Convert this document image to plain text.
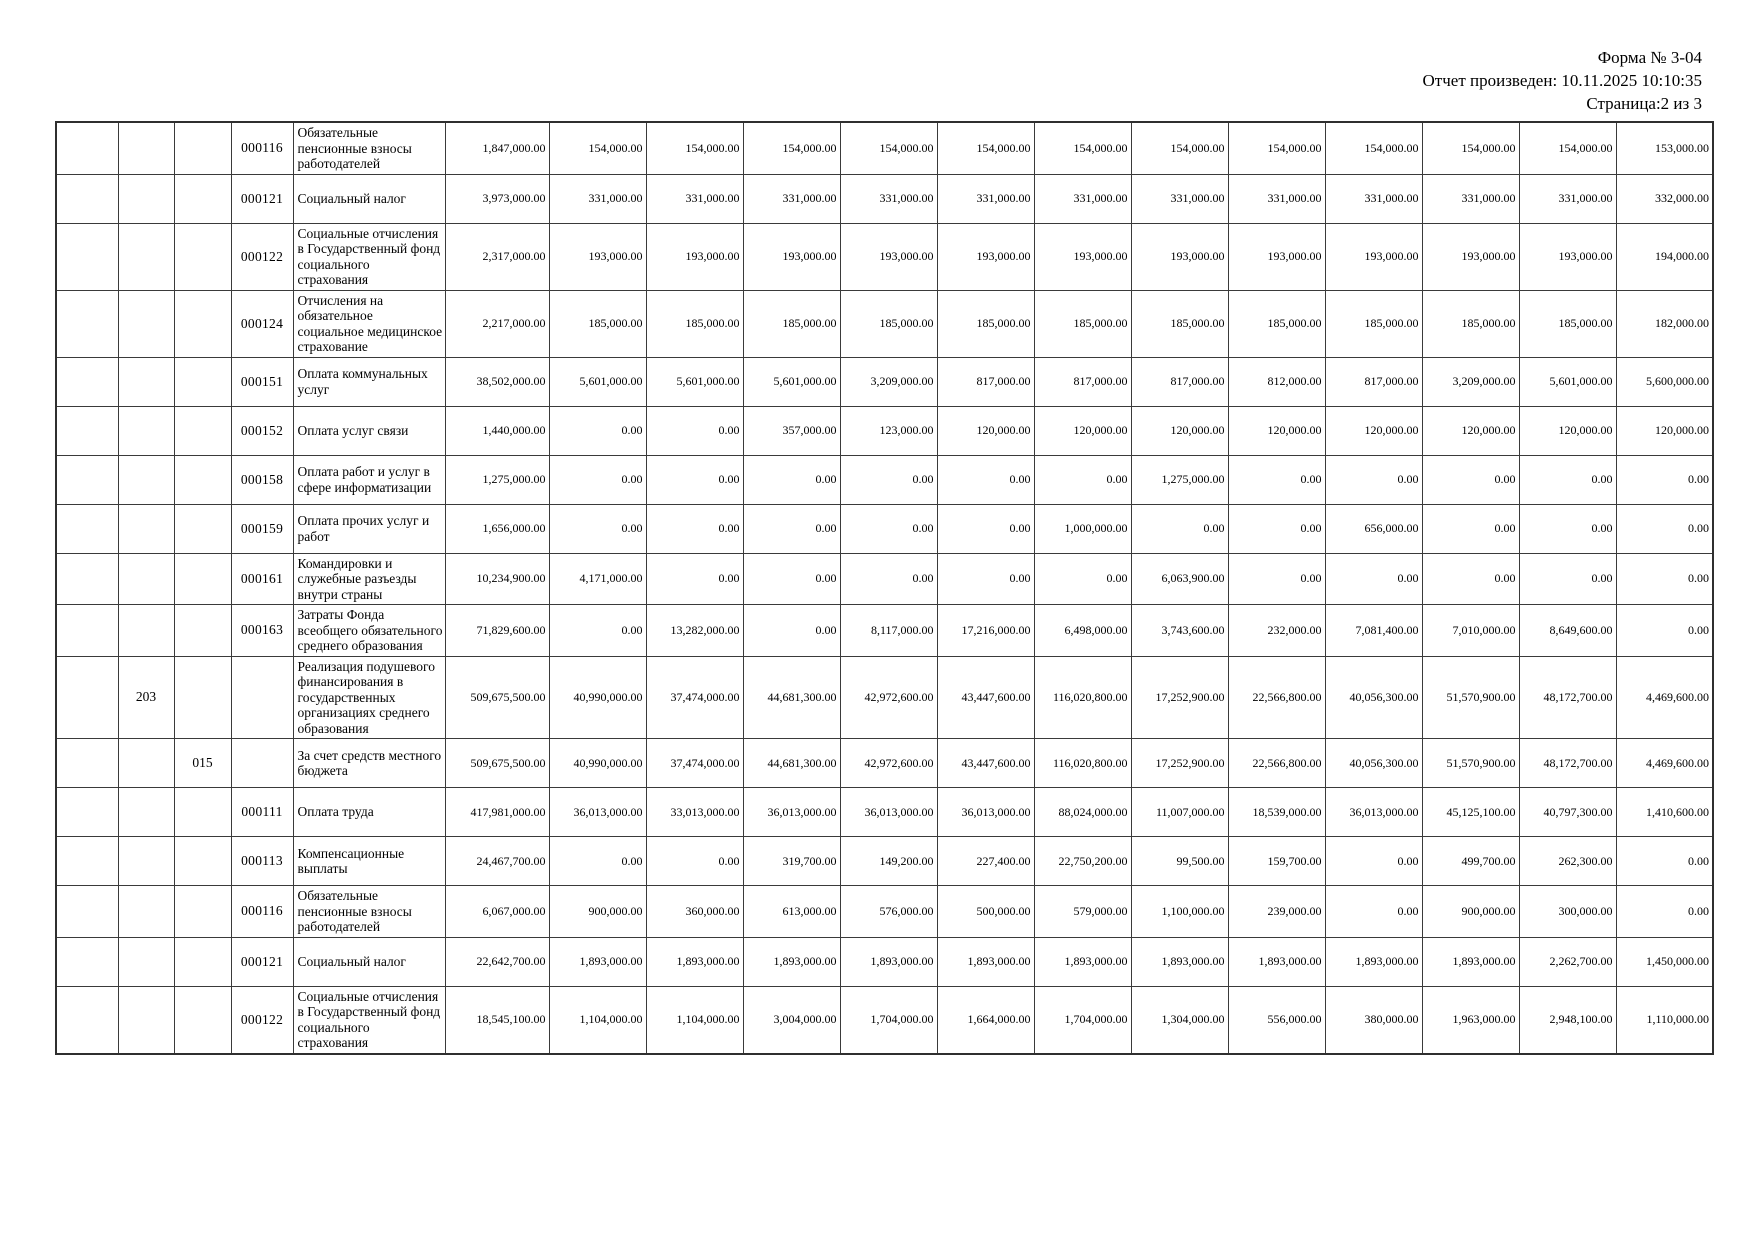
Форма № 3-04
Отчет произведен: 10.11.2025 10:10:35
Страница:2 из 3
			000116	Обязательные пенсионные взносы работодателей	1,847,000.00	154,000.00	154,000.00	154,000.00	154,000.00	154,000.00	154,000.00	154,000.00	154,000.00	154,000.00	154,000.00	154,000.00	153,000.00
			000121	Социальный налог	3,973,000.00	331,000.00	331,000.00	331,000.00	331,000.00	331,000.00	331,000.00	331,000.00	331,000.00	331,000.00	331,000.00	331,000.00	332,000.00
			000122	Социальные отчисления в Государственный фонд социального страхования	2,317,000.00	193,000.00	193,000.00	193,000.00	193,000.00	193,000.00	193,000.00	193,000.00	193,000.00	193,000.00	193,000.00	193,000.00	194,000.00
			000124	Отчисления на обязательное социальное медицинское страхование	2,217,000.00	185,000.00	185,000.00	185,000.00	185,000.00	185,000.00	185,000.00	185,000.00	185,000.00	185,000.00	185,000.00	185,000.00	182,000.00
			000151	Оплата коммунальных услуг	38,502,000.00	5,601,000.00	5,601,000.00	5,601,000.00	3,209,000.00	817,000.00	817,000.00	817,000.00	812,000.00	817,000.00	3,209,000.00	5,601,000.00	5,600,000.00
			000152	Оплата услуг связи	1,440,000.00	0.00	0.00	357,000.00	123,000.00	120,000.00	120,000.00	120,000.00	120,000.00	120,000.00	120,000.00	120,000.00	120,000.00
			000158	Оплата работ и услуг в сфере информатизации	1,275,000.00	0.00	0.00	0.00	0.00	0.00	0.00	1,275,000.00	0.00	0.00	0.00	0.00	0.00
			000159	Оплата прочих услуг и работ	1,656,000.00	0.00	0.00	0.00	0.00	0.00	1,000,000.00	0.00	0.00	656,000.00	0.00	0.00	0.00
			000161	Командировки и служебные разъезды внутри страны	10,234,900.00	4,171,000.00	0.00	0.00	0.00	0.00	0.00	6,063,900.00	0.00	0.00	0.00	0.00	0.00
			000163	Затраты Фонда всеобщего обязательного среднего образования	71,829,600.00	0.00	13,282,000.00	0.00	8,117,000.00	17,216,000.00	6,498,000.00	3,743,600.00	232,000.00	7,081,400.00	7,010,000.00	8,649,600.00	0.00
	203			Реализация подушевого финансирования в государственных организациях среднего образования	509,675,500.00	40,990,000.00	37,474,000.00	44,681,300.00	42,972,600.00	43,447,600.00	116,020,800.00	17,252,900.00	22,566,800.00	40,056,300.00	51,570,900.00	48,172,700.00	4,469,600.00
		015		За счет средств местного бюджета	509,675,500.00	40,990,000.00	37,474,000.00	44,681,300.00	42,972,600.00	43,447,600.00	116,020,800.00	17,252,900.00	22,566,800.00	40,056,300.00	51,570,900.00	48,172,700.00	4,469,600.00
			000111	Оплата труда	417,981,000.00	36,013,000.00	33,013,000.00	36,013,000.00	36,013,000.00	36,013,000.00	88,024,000.00	11,007,000.00	18,539,000.00	36,013,000.00	45,125,100.00	40,797,300.00	1,410,600.00
			000113	Компенсационные выплаты	24,467,700.00	0.00	0.00	319,700.00	149,200.00	227,400.00	22,750,200.00	99,500.00	159,700.00	0.00	499,700.00	262,300.00	0.00
			000116	Обязательные пенсионные взносы работодателей	6,067,000.00	900,000.00	360,000.00	613,000.00	576,000.00	500,000.00	579,000.00	1,100,000.00	239,000.00	0.00	900,000.00	300,000.00	0.00
			000121	Социальный налог	22,642,700.00	1,893,000.00	1,893,000.00	1,893,000.00	1,893,000.00	1,893,000.00	1,893,000.00	1,893,000.00	1,893,000.00	1,893,000.00	1,893,000.00	2,262,700.00	1,450,000.00
			000122	Социальные отчисления в Государственный фонд социального страхования	18,545,100.00	1,104,000.00	1,104,000.00	3,004,000.00	1,704,000.00	1,664,000.00	1,704,000.00	1,304,000.00	556,000.00	380,000.00	1,963,000.00	2,948,100.00	1,110,000.00
